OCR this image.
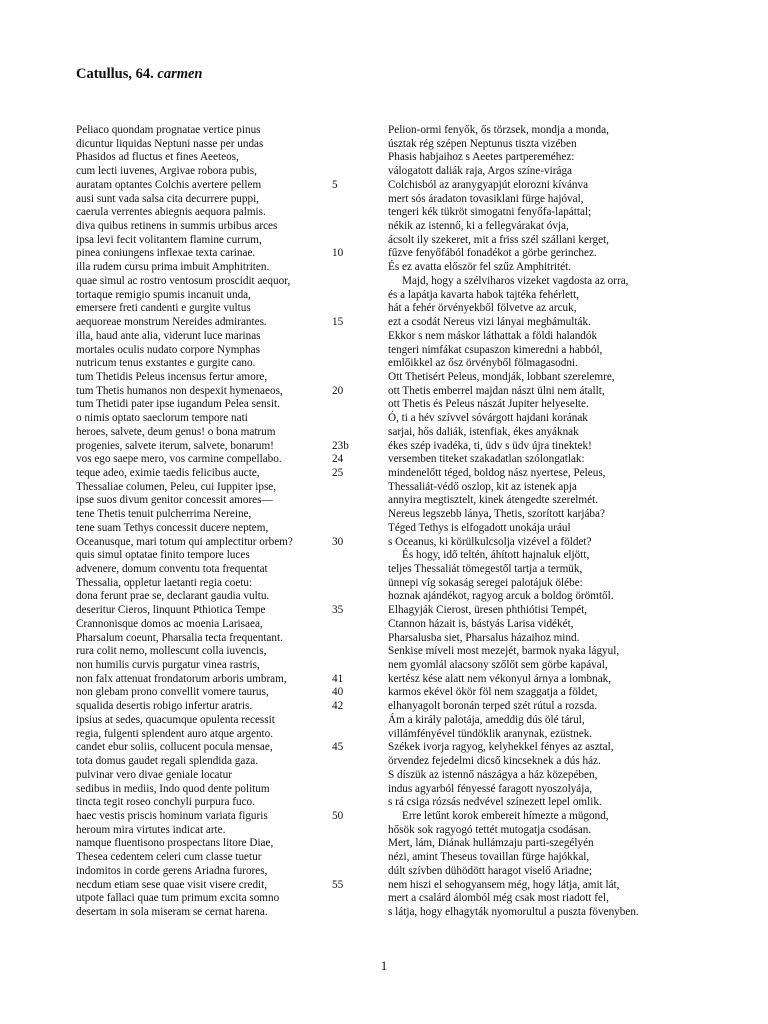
Catullus, 64. carmen
Peliaco quondam prognatae vertice pinus
dicuntur liquidas Neptuni nasse per undas
Phasidos ad fluctus et fines Aeeteos,
cum lecti iuvenes, Argivae robora pubis,
auratam optantes Colchis avertere pellem
ausi sunt vada salsa cita decurrere puppi,
caerula verrentes abiegnis aequora palmis.
diva quibus retinens in summis urbibus arces
ipsa levi fecit volitantem flamine currum,
pinea coniungens inflexae texta carinae.
illa rudem cursu prima imbuit Amphitriten.
quae simul ac rostro ventosum proscidit aequor,
tortaque remigio spumis incanuit unda,
emersere freti candenti e gurgite vultus
aequoreae monstrum Nereides admirantes.
illa, haud ante alia, viderunt luce marinas
mortales oculis nudato corpore Nymphas
nutricum tenus exstantes e gurgite cano.
tum Thetidis Peleus incensus fertur amore,
tum Thetis humanos non despexit hymenaeos,
tum Thetidi pater ipse iugandum Pelea sensit.
o nimis optato saeclorum tempore nati
heroes, salvete, deum genus! o bona matrum
progenies, salvete iterum, salvete, bonarum!
vos ego saepe mero, vos carmine compellabo.
teque adeo, eximie taedis felicibus aucte,
Thessaliae columen, Peleu, cui Iuppiter ipse,
ipse suos divum genitor concessit amores—
tene Thetis tenuit pulcherrima Nereine,
tene suam Tethys concessit ducere neptem,
Oceanusque, mari totum qui amplectitur orbem?
quis simul optatae finito tempore luces
advenere, domum conventu tota frequentat
Thessalia, oppletur laetanti regia coetu:
dona ferunt prae se, declarant gaudia vultu.
deseritur Cieros, linquunt Pthiotica Tempe
Crannonisque domos ac moenia Larisaea,
Pharsalum coeunt, Pharsalia tecta frequentant.
rura colit nemo, mollescunt colla iuvencis,
non humilis curvis purgatur vinea rastris,
non falx attenuat frondatorum arboris umbram,
non glebam prono convellit vomere taurus,
squalida desertis robigo infertur aratris.
ipsius at sedes, quacumque opulenta recessit
regia, fulgenti splendent auro atque argento.
candet ebur soliis, collucent pocula mensae,
tota domus gaudet regali splendida gaza.
pulvinar vero divae geniale locatur
sedibus in mediis, Indo quod dente politum
tincta tegit roseo conchyli purpura fuco.
haec vestis priscis hominum variata figuris
heroum mira virtutes indicat arte.
namque fluentisono prospectans litore Diae,
Thesea cedentem celeri cum classe tuetur
indomitos in corde gerens Ariadna furores,
necdum etiam sese quae visit visere credit,
utpote fallaci quae tum primum excita somno
desertam in sola miseram se cernat harena.
5
10
15
20
23b
24
25
30
35
41
40
42
45
50
55
Pelion-ormi fenyők, ős törzsek, mondja a monda,
úsztak rég szépen Neptunus tiszta vizében
Phasis habjaihoz s Aeetes partpereméhez:
válogatott daliák raja, Argos színe-virága
Colchisból az aranygyapjút elorozni kívánva
mert sós áradaton tovasiklani fürge hajóval,
tengeri kék tükröt simogatni fenyőfa-lapáttal;
nékik az istennő, ki a fellegvárakat óvja,
ácsolt ily szekeret, mit a friss szél szállani kerget,
fűzve fenyőfából fonadékot a görbe gerinchez.
És ez avatta először fel szűz Amphitritét.
Majd, hogy a szélviharos vizeket vagdosta az orra,
és a lapátja kavarta habok tajtéka fehérlett,
hát a fehér örvényekből fölvetve az arcuk,
ezt a csodát Nereus vizi lányai megbámulták.
Ekkor s nem máskor láthattak a földi halandók
tengeri nimfákat csupaszon kimeredni a habból,
emlőikkel az ősz örvényből fölmagasodni.
Ott Thetisért Peleus, mondják, lobbant szerelemre,
ott Thetis emberrel majdan nászt ülni nem átallt,
ott Thetis és Peleus nászát Jupiter helyeselte.
Ó, ti a hév szívvel sóvárgott hajdani korának
sarjai, hős daliák, istenfiak, ékes anyáknak
ékes szép ivadéka, ti, üdv s üdv újra tinektek!
versemben titeket szakadatlan szólongatlak:
mindenelőtt téged, boldog nász nyertese, Peleus,
Thessaliát-védő oszlop, kit az istenek apja
annyira megtisztelt, kinek átengedte szerelmét.
Nereus legszebb lánya, Thetis, szorított karjába?
Téged Tethys is elfogadott unokája urául
s Oceanus, ki körülkulcsolja vizével a földet?
És hogy, idő teltén, áhított hajnaluk eljött,
teljes Thessaliát tömegestől tartja a termük,
ünnepi víg sokaság seregei palotájuk ölébe:
hoznak ajándékot, ragyog arcuk a boldog örömtől.
Elhagyják Cierost, üresen phthiótisi Tempét,
Ctannon házait is, bástyás Larisa vidékét,
Pharsalusba siet, Pharsalus házaihoz mind.
Senkise míveli most mezejét, barmok nyaka lágyul,
nem gyomlál alacsony szőlőt sem görbe kapával,
kertész kése alatt nem vékonyul árnya a lombnak,
karmos ekével ökör föl nem szaggatja a földet,
elhanyagolt boronán terped szét rútul a rozsda.
Ám a király palotája, ameddig dús ölé tárul,
villámfényével tündöklik aranynak, ezüstnek.
Székek ivorja ragyog, kelyhekkel fényes az asztal,
örvendez fejedelmi dicső kincseknek a dús ház.
S díszük az istennő nászágya a ház közepében,
indus agyarból fényessé faragott nyoszolyája,
s rá csiga rózsás nedvével színezett lepel omlik.
Erre letűnt korok embereit hímezte a mügond,
hősök sok ragyogó tettét mutogatja csodásan.
Mert, lám, Diának hullámzaju parti-szegélyén
nézi, amint Theseus tovaillan fürge hajókkal,
dúlt szívben dühödött haragot viselő Ariadne;
nem hiszi el sehogyansem még, hogy látja, amit lát,
mert a csalárd álomból még csak most riadott fel,
s látja, hogy elhagyták nyomorultul a puszta fövenyben.
1
